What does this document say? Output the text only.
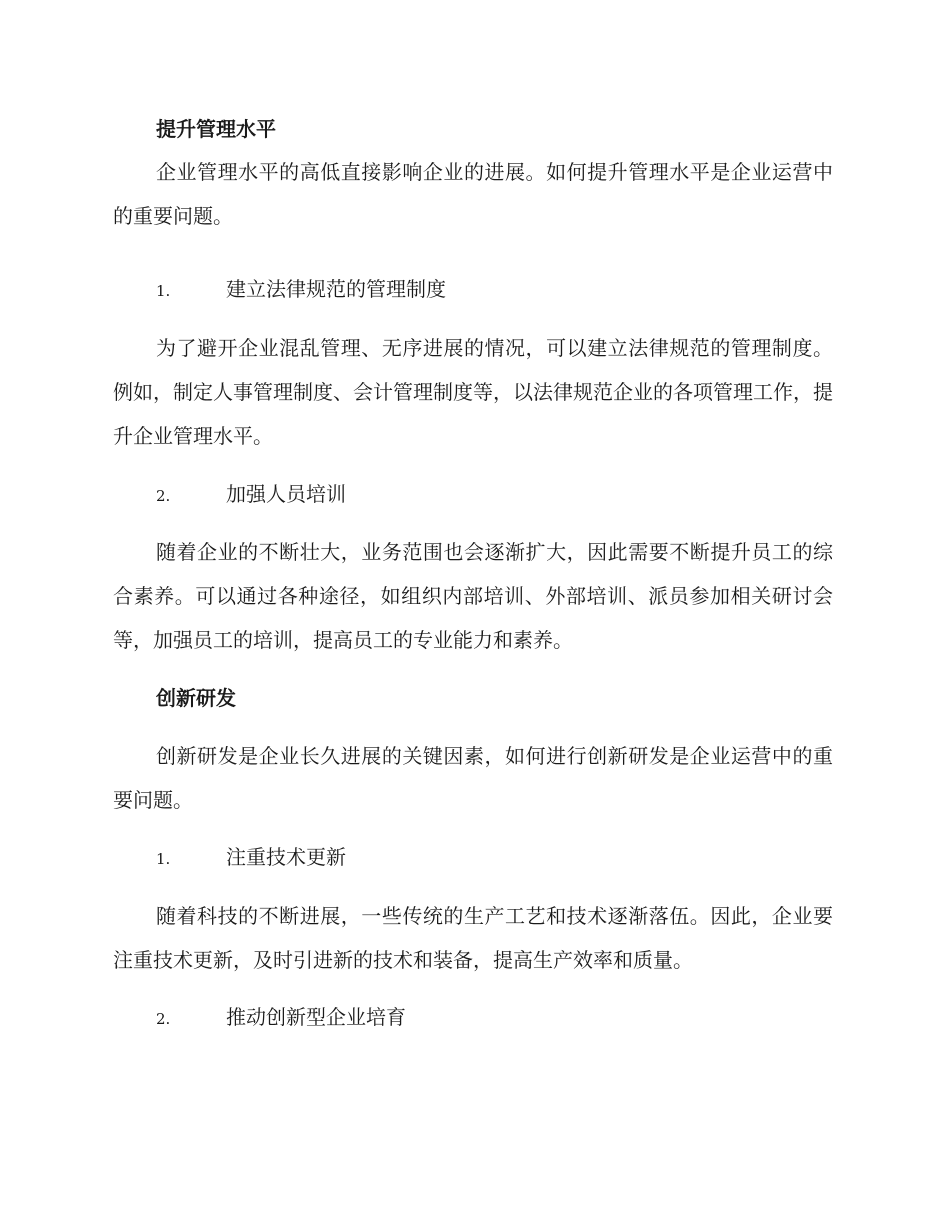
提升管理水平
企业管理水平的高低直接影响企业的进展。如何提升管理水平是企业运营中的重要问题。
1.	建立法律规范的管理制度
为了避开企业混乱管理、无序进展的情况，可以建立法律规范的管理制度。例如，制定人事管理制度、会计管理制度等，以法律规范企业的各项管理工作，提升企业管理水平。
2.	加强人员培训
随着企业的不断壮大，业务范围也会逐渐扩大，因此需要不断提升员工的综合素养。可以通过各种途径，如组织内部培训、外部培训、派员参加相关研讨会等，加强员工的培训，提高员工的专业能力和素养。
创新研发
创新研发是企业长久进展的关键因素，如何进行创新研发是企业运营中的重要问题。
1.	注重技术更新
随着科技的不断进展，一些传统的生产工艺和技术逐渐落伍。因此，企业要注重技术更新，及时引进新的技术和装备，提高生产效率和质量。
2.	推动创新型企业培育
